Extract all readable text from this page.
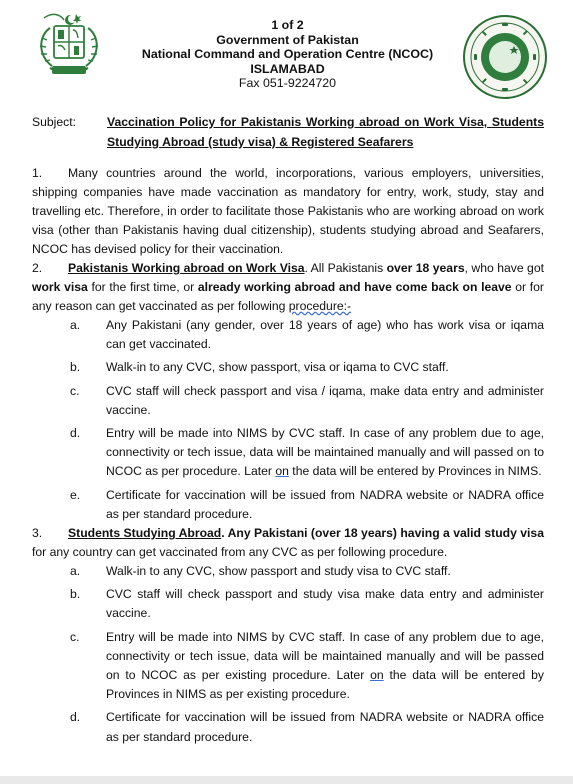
1 of 2
Government of Pakistan
National Command and Operation Centre (NCOC)
ISLAMABAD
Fax 051-9224720
Subject:	Vaccination Policy for Pakistanis Working abroad on Work Visa, Students Studying Abroad (study visa) & Registered Seafarers

1. Many countries around the world, incorporations, various employers, universities, shipping companies have made vaccination as mandatory for entry, work, study, stay and travelling etc. Therefore, in order to facilitate those Pakistanis who are working abroad on work visa (other than Pakistanis having dual citizenship), students studying abroad and Seafarers, NCOC has devised policy for their vaccination.

2. Pakistanis Working abroad on Work Visa. All Pakistanis over 18 years, who have got work visa for the first time, or already working abroad and have come back on leave or for any reason can get vaccinated as per following procedure:-

a. Any Pakistani (any gender, over 18 years of age) who has work visa or iqama can get vaccinated.
b. Walk-in to any CVC, show passport, visa or iqama to CVC staff.
c. CVC staff will check passport and visa / iqama, make data entry and administer vaccine.
d. Entry will be made into NIMS by CVC staff. In case of any problem due to age, connectivity or tech issue, data will be maintained manually and will passed on to NCOC as per procedure. Later on the data will be entered by Provinces in NIMS.
e. Certificate for vaccination will be issued from NADRA website or NADRA office as per standard procedure.

3. Students Studying Abroad. Any Pakistani (over 18 years) having a valid study visa for any country can get vaccinated from any CVC as per following procedure.

a. Walk-in to any CVC, show passport and study visa to CVC staff.
b. CVC staff will check passport and study visa make data entry and administer vaccine.
c. Entry will be made into NIMS by CVC staff. In case of any problem due to age, connectivity or tech issue, data will be maintained manually and will be passed on to NCOC as per existing procedure. Later on the data will be entered by Provinces in NIMS as per existing procedure.
d. Certificate for vaccination will be issued from NADRA website or NADRA office as per standard procedure.
